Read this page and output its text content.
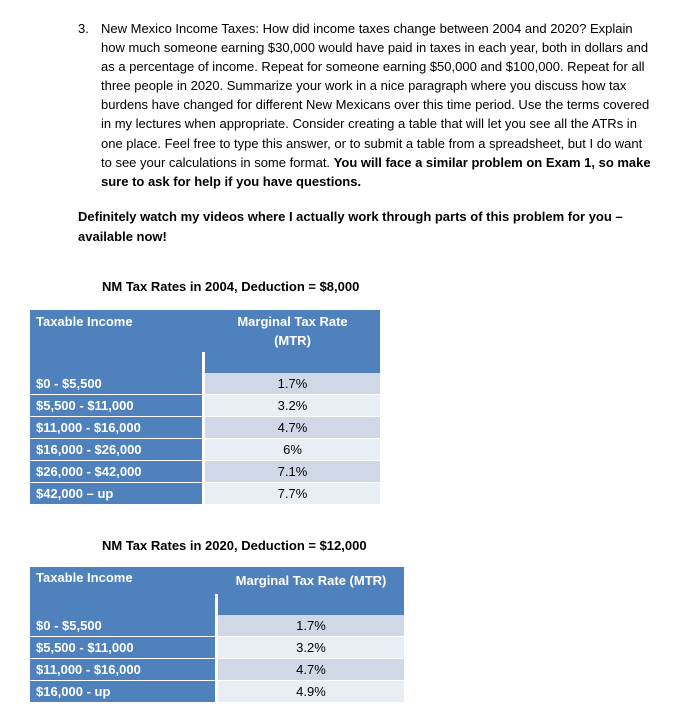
3. New Mexico Income Taxes: How did income taxes change between 2004 and 2020? Explain how much someone earning $30,000 would have paid in taxes in each year, both in dollars and as a percentage of income. Repeat for someone earning $50,000 and $100,000. Repeat for all three people in 2020. Summarize your work in a nice paragraph where you discuss how tax burdens have changed for different New Mexicans over this time period. Use the terms covered in my lectures when appropriate. Consider creating a table that will let you see all the ATRs in one place. Feel free to type this answer, or to submit a table from a spreadsheet, but I do want to see your calculations in some format. You will face a similar problem on Exam 1, so make sure to ask for help if you have questions.
Definitely watch my videos where I actually work through parts of this problem for you – available now!
NM Tax Rates in 2004, Deduction = $8,000
Taxable Income		Marginal Tax Rate (MTR)

$0 - $5,500		1.7%
$5,500 - $11,000		3.2%
$11,000 - $16,000		4.7%
$16,000 - $26,000		6%
$26,000 - $42,000		7.1%
$42,000 – up		7.7%
NM Tax Rates in 2020, Deduction = $12,000
Taxable Income		Marginal Tax Rate (MTR)

$0 - $5,500		1.7%
$5,500 - $11,000		3.2%
$11,000 - $16,000		4.7%
$16,000 - up		4.9%
